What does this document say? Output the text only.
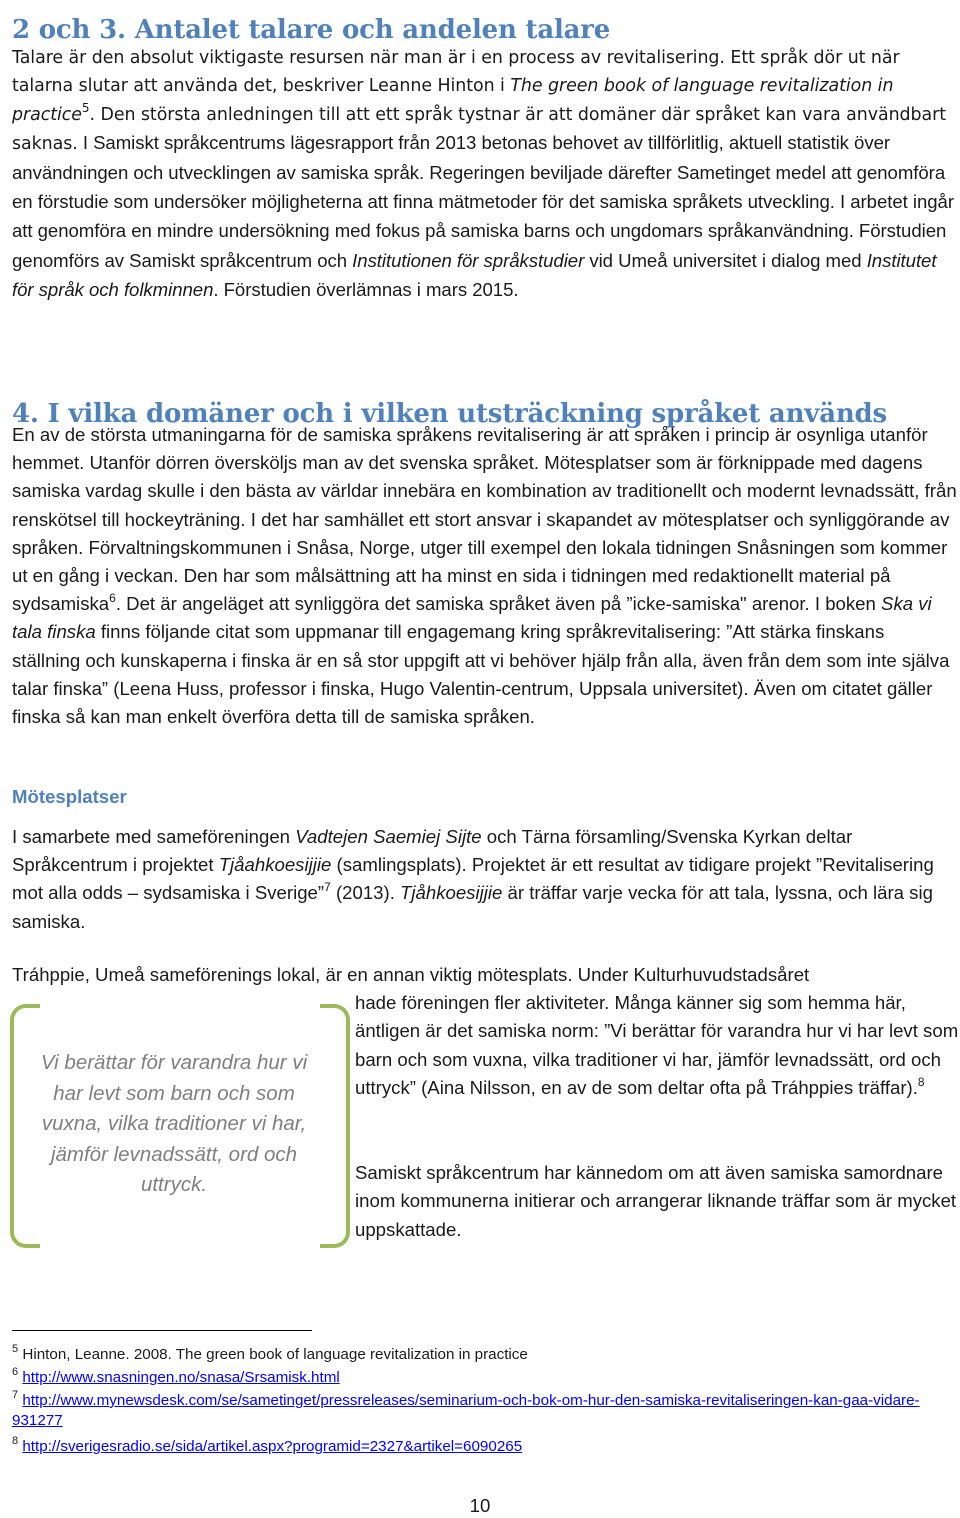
2 och 3. Antalet talare och andelen talare

Talare är den absolut viktigaste resursen när man är i en process av revitalisering. Ett språk dör ut när talarna slutar att använda det, beskriver Leanne Hinton i The green book of language revitalization in practice$^5$. Den största anledningen till att ett språk tystnar är att domäner där språket kan vara användbart saknas. I Samiskt språkcentrums lägesrapport från 2013 betonas behovet av tillförlitlig, aktuell statistik över användningen och utvecklingen av samiska språk. Regeringen beviljade därefter Sametinget medel att genomföra en förstudie som undersöker möjligheterna att finna mätmetoder för det samiska språkets utveckling. I arbetet ingår att genomföra en mindre undersökning med fokus på samiska barns och ungdomars språkanvändning. Förstudien genomförs av Samiskt språkcentrum och Institutionen för språkstudier vid Umeå universitet i dialog med Institutet för språk och folkminnen. Förstudien överlämnas i mars 2015.

4. I vilka domäner och i vilken utsträckning språket används

En av de största utmaningarna för de samiska språkens revitalisering är att språken i princip är osynliga utanför hemmet. Utanför dörren översköljs man av det svenska språket. Mötesplatser som är förknippade med dagens samiska vardag skulle i den bästa av världar innebära en kombination av traditionellt och modernt levnadssätt, från renskötsel till hockeyträning. I det har samhället ett stort ansvar i skapandet av mötesplatser och synliggörande av språken. Förvaltningskommunen i Snåsa, Norge, utger till exempel den lokala tidningen Snåsningen som kommer ut en gång i veckan. Den har som målsättning att ha minst en sida i tidningen med redaktionellt material på sydsamiska$^6$. Det är angeläget att synliggöra det samiska språket även på ”icke-samiska" arenor. I boken Ska vi tala finska finns följande citat som uppmanar till engagemang kring språkrevitalisering: ”Att stärka finskans ställning och kunskaperna i finska är en så stor uppgift att vi behöver hjälp från alla, även från dem som inte själva talar finska” (Leena Huss, professor i finska, Hugo Valentin-centrum, Uppsala universitet). Även om citatet gäller finska så kan man enkelt överföra detta till de samiska språken.

Mötesplatser

I samarbete med sameföreningen Vadtejen Saemiej Sijte och Tärna församling/Svenska Kyrkan deltar Språkcentrum i projektet Tjåahkoesijjie (samlingsplats). Projektet är ett resultat av tidigare projekt ”Revitalisering mot alla odds – sydsamiska i Sverige”$^7$ (2013). Tjåhkoesijjie är träffar varje vecka för att tala, lyssna, och lära sig samiska.

Tráhppie, Umeå sameförenings lokal, är en annan viktig mötesplats. Under Kulturhuvudstadsåret

hade föreningen fler aktiviteter. Många känner sig som hemma här, äntligen är det samiska norm: ”Vi berättar för varandra hur vi har levt som barn och som vuxna, vilka traditioner vi har, jämför levnadssätt, ord och uttryck” (Aina Nilsson, en av de som deltar ofta på Tráhppies träffar).$^8$

Vi berättar för varandra hur vi har levt som barn och som vuxna, vilka traditioner vi har, jämför levnadssätt, ord och uttryck.

Samiskt språkcentrum har kännedom om att även samiska samordnare inom kommunerna initierar och arrangerar liknande träffar som är mycket uppskattade.

$^5$ Hinton, Leanne. 2008. The green book of language revitalization in practice

$^6$ http://www.snasningen.no/snasa/Srsamisk.html

$^7$ http://www.mynewsdesk.com/se/sametinget/pressreleases/seminarium-och-bok-om-hur-den-samiska-revitaliseringen-kan-gaa-vidare-931277

$^8$ http://sverigesradio.se/sida/artikel.aspx?programid=2327&artikel=6090265

10
